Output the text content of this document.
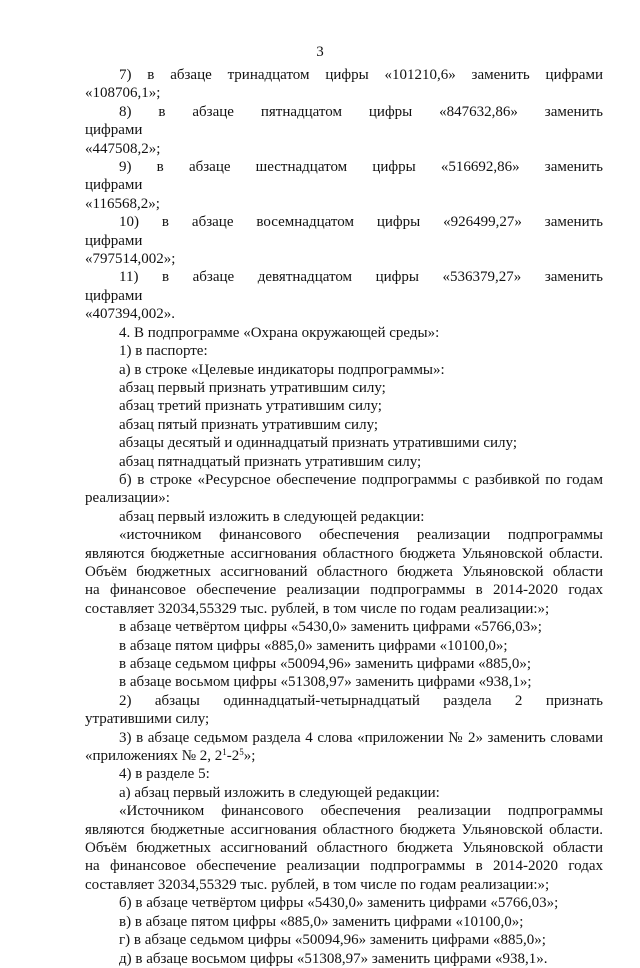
3
7) в абзаце тринадцатом цифры «101210,6» заменить цифрами
«108706,1»;
8) в абзаце пятнадцатом цифры «847632,86» заменить цифрами
«447508,2»;
9) в абзаце шестнадцатом цифры «516692,86» заменить цифрами
«116568,2»;
10) в абзаце восемнадцатом цифры «926499,27» заменить цифрами
«797514,002»;
11) в абзаце девятнадцатом цифры «536379,27» заменить цифрами
«407394,002».
4. В подпрограмме «Охрана окружающей среды»:
1) в паспорте:
а) в строке «Целевые индикаторы подпрограммы»:
абзац первый признать утратившим силу;
абзац третий признать утратившим силу;
абзац пятый признать утратившим силу;
абзацы десятый и одиннадцатый признать утратившими силу;
абзац пятнадцатый признать утратившим силу;
б) в строке «Ресурсное обеспечение подпрограммы с разбивкой по годам
реализации»:
абзац первый изложить в следующей редакции:
«источником финансового обеспечения реализации подпрограммы
являются бюджетные ассигнования областного бюджета Ульяновской области.
Объём бюджетных ассигнований областного бюджета Ульяновской области
на финансовое обеспечение реализации подпрограммы в 2014-2020 годах
составляет 32034,55329 тыс. рублей, в том числе по годам реализации:»;
в абзаце четвёртом цифры «5430,0» заменить цифрами «5766,03»;
в абзаце пятом цифры «885,0» заменить цифрами «10100,0»;
в абзаце седьмом цифры «50094,96» заменить цифрами «885,0»;
в абзаце восьмом цифры «51308,97» заменить цифрами «938,1»;
2) абзацы одиннадцатый-четырнадцатый раздела 2 признать
утратившими силу;
3) в абзаце седьмом раздела 4 слова «приложении № 2» заменить словами
«приложениях № 2, $2^1-2^5$»;
4) в разделе 5:
а) абзац первый изложить в следующей редакции:
«Источником финансового обеспечения реализации подпрограммы
являются бюджетные ассигнования областного бюджета Ульяновской области.
Объём бюджетных ассигнований областного бюджета Ульяновской области
на финансовое обеспечение реализации подпрограммы в 2014-2020 годах
составляет 32034,55329 тыс. рублей, в том числе по годам реализации:»;
б) в абзаце четвёртом цифры «5430,0» заменить цифрами «5766,03»;
в) в абзаце пятом цифры «885,0» заменить цифрами «10100,0»;
г) в абзаце седьмом цифры «50094,96» заменить цифрами «885,0»;
д) в абзаце восьмом цифры «51308,97» заменить цифрами «938,1».
